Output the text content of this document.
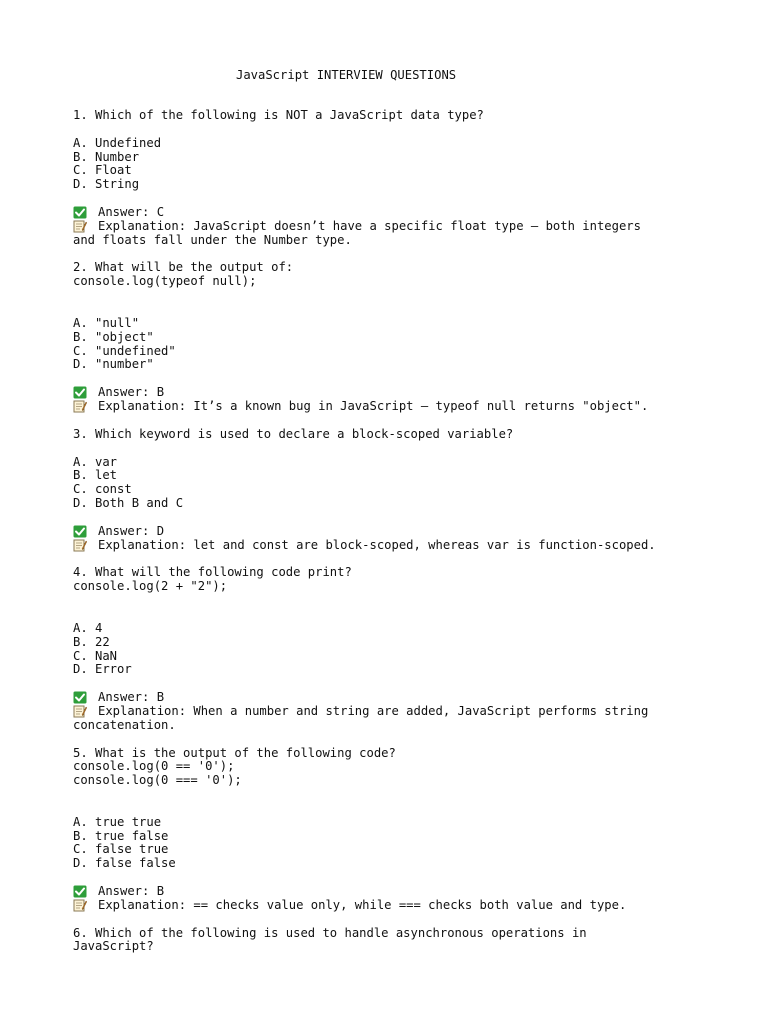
JavaScript INTERVIEW QUESTIONS
1. Which of the following is NOT a JavaScript data type?
A. Undefined
B. Number
C. Float
D. String
Answer: C
Explanation: JavaScript doesn’t have a specific float type — both integers
and floats fall under the Number type.
2. What will be the output of:
console.log(typeof null);
A. "null"
B. "object"
C. "undefined"
D. "number"
Answer: B
Explanation: It’s a known bug in JavaScript — typeof null returns "object".
3. Which keyword is used to declare a block-scoped variable?
A. var
B. let
C. const
D. Both B and C
Answer: D
Explanation: let and const are block-scoped, whereas var is function-scoped.
4. What will the following code print?
console.log(2 + "2");
A. 4
B. 22
C. NaN
D. Error
Answer: B
Explanation: When a number and string are added, JavaScript performs string
concatenation.
5. What is the output of the following code?
console.log(0 == '0');
console.log(0 === '0');
A. true true
B. true false
C. false true
D. false false
Answer: B
Explanation: == checks value only, while === checks both value and type.
6. Which of the following is used to handle asynchronous operations in
JavaScript?
